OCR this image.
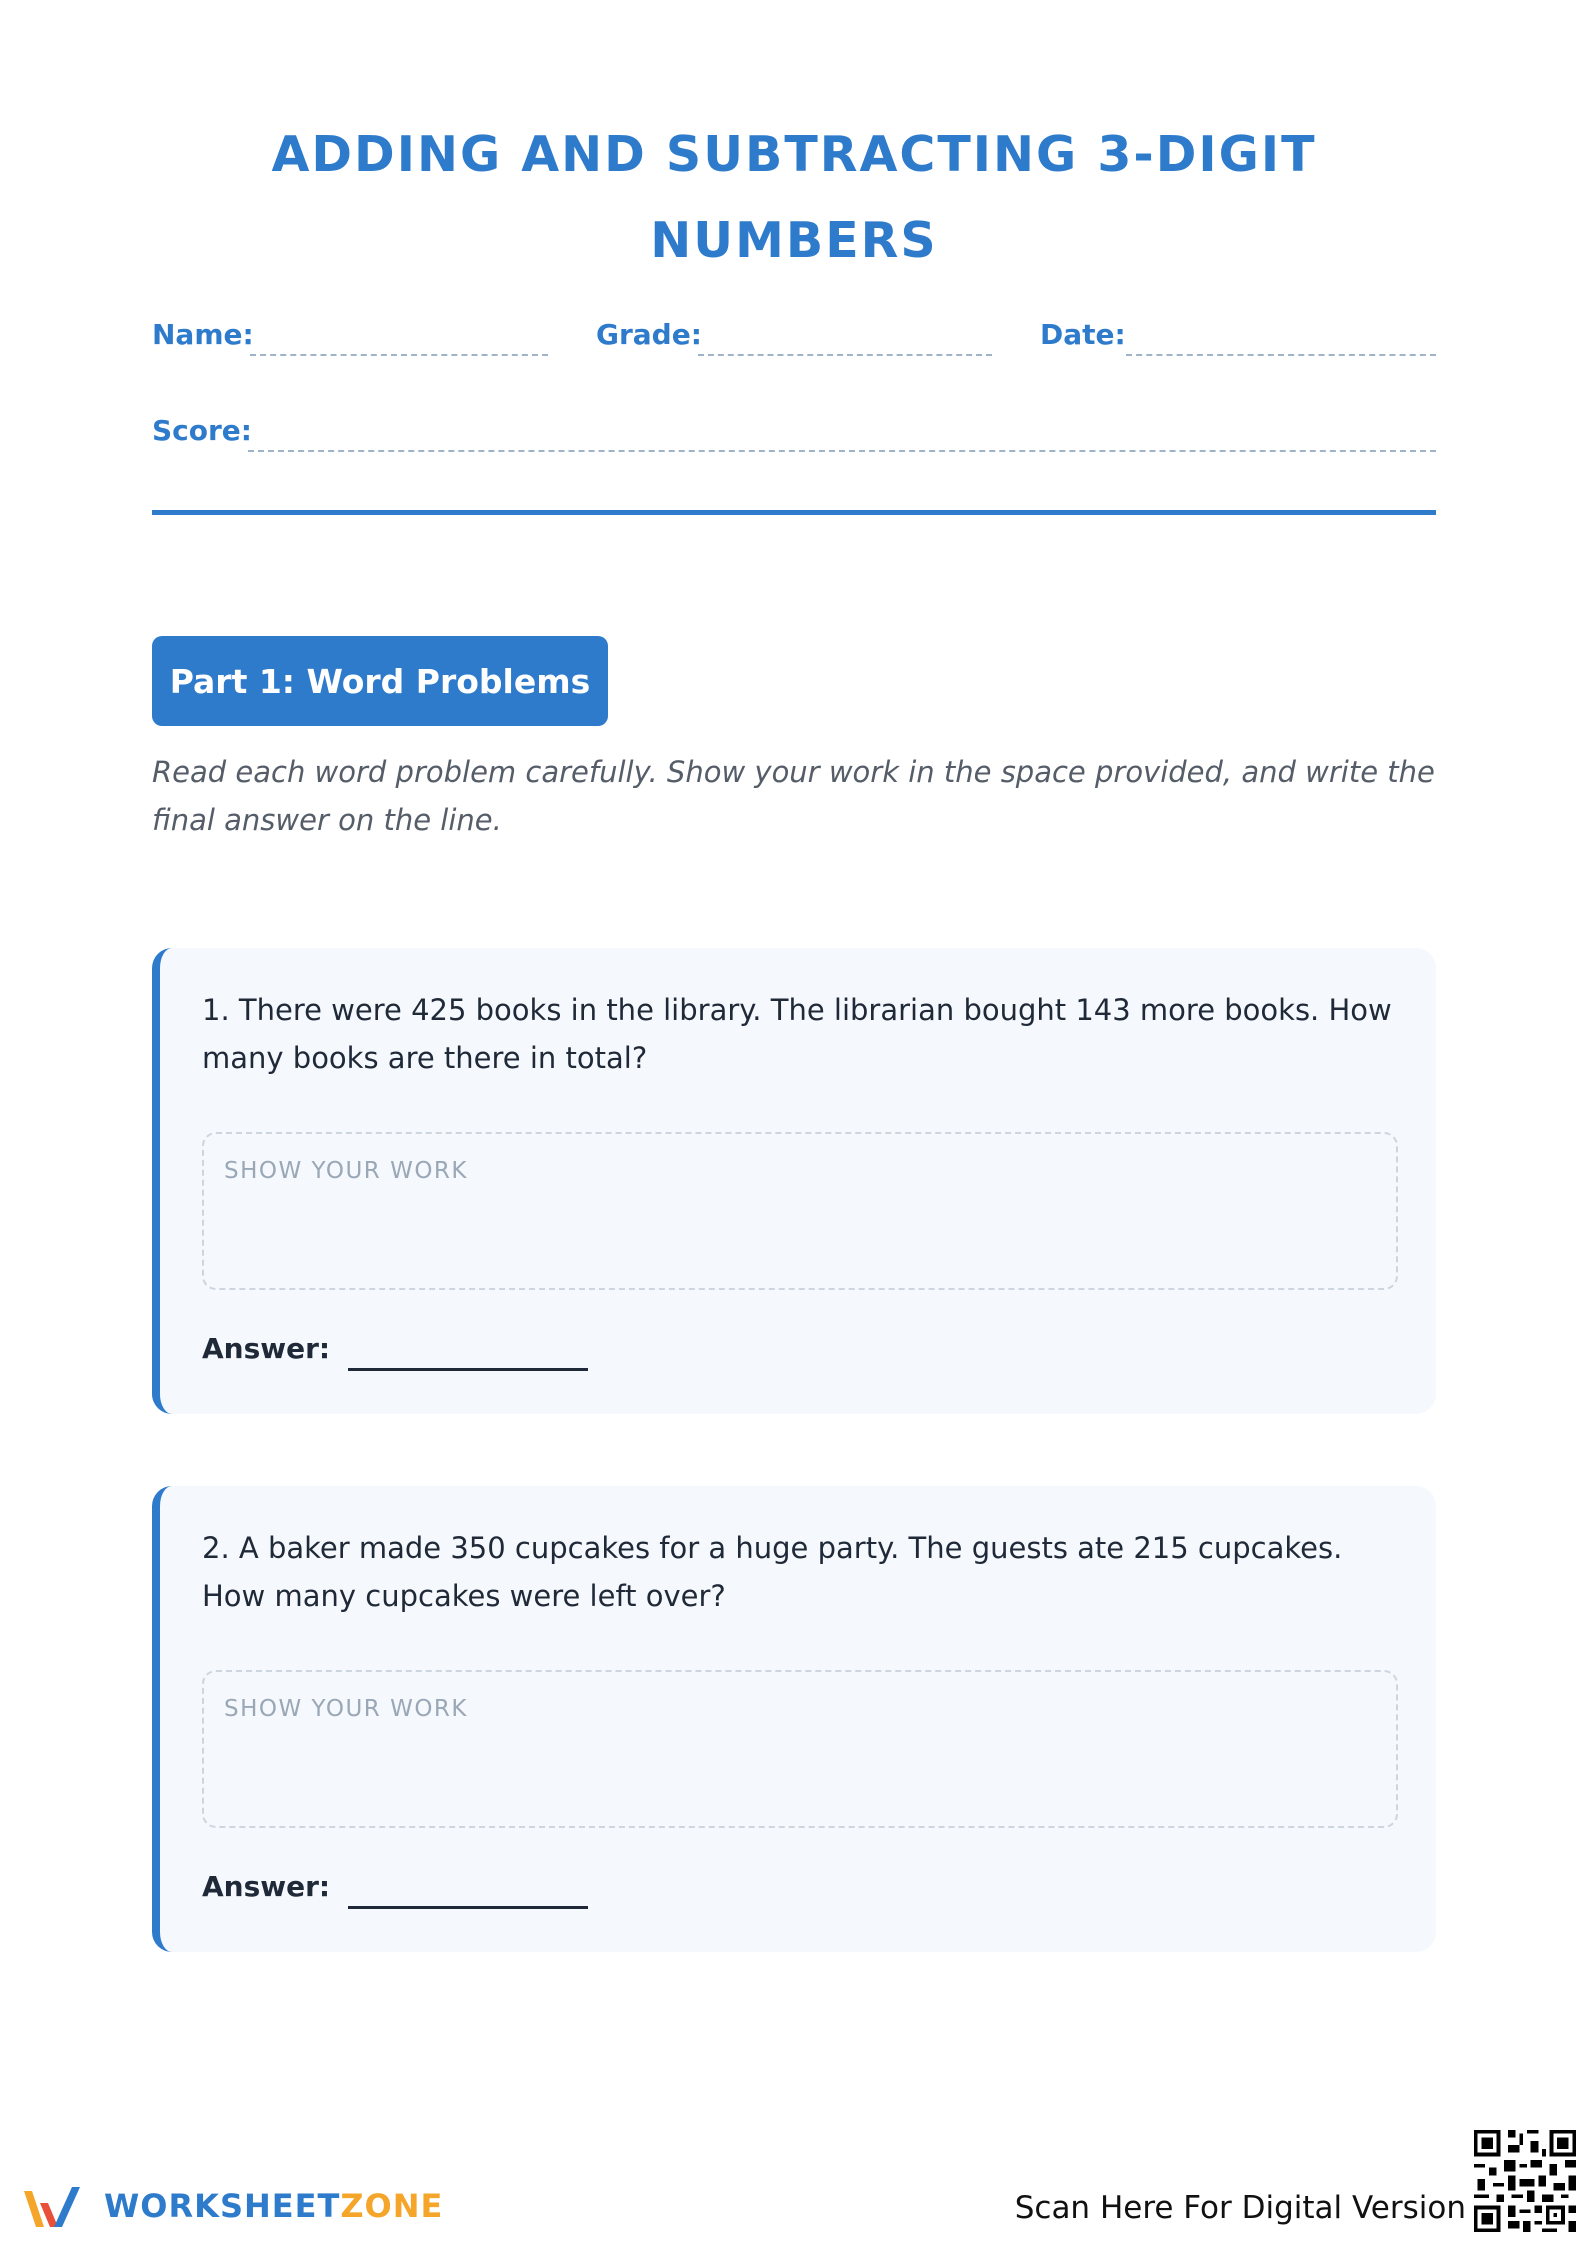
ADDING AND SUBTRACTING 3-DIGIT NUMBERS
Name:	Grade:	Date:
Score:
Part 1: Word Problems
Read each word problem carefully. Show your work in the space provided, and write the final answer on the line.
1. There were 425 books in the library. The librarian bought 143 more books. How many books are there in total?
SHOW YOUR WORK
Answer:
2. A baker made 350 cupcakes for a huge party. The guests ate 215 cupcakes. How many cupcakes were left over?
SHOW YOUR WORK
Answer:
WORKSHEETZONE	Scan Here For Digital Version
